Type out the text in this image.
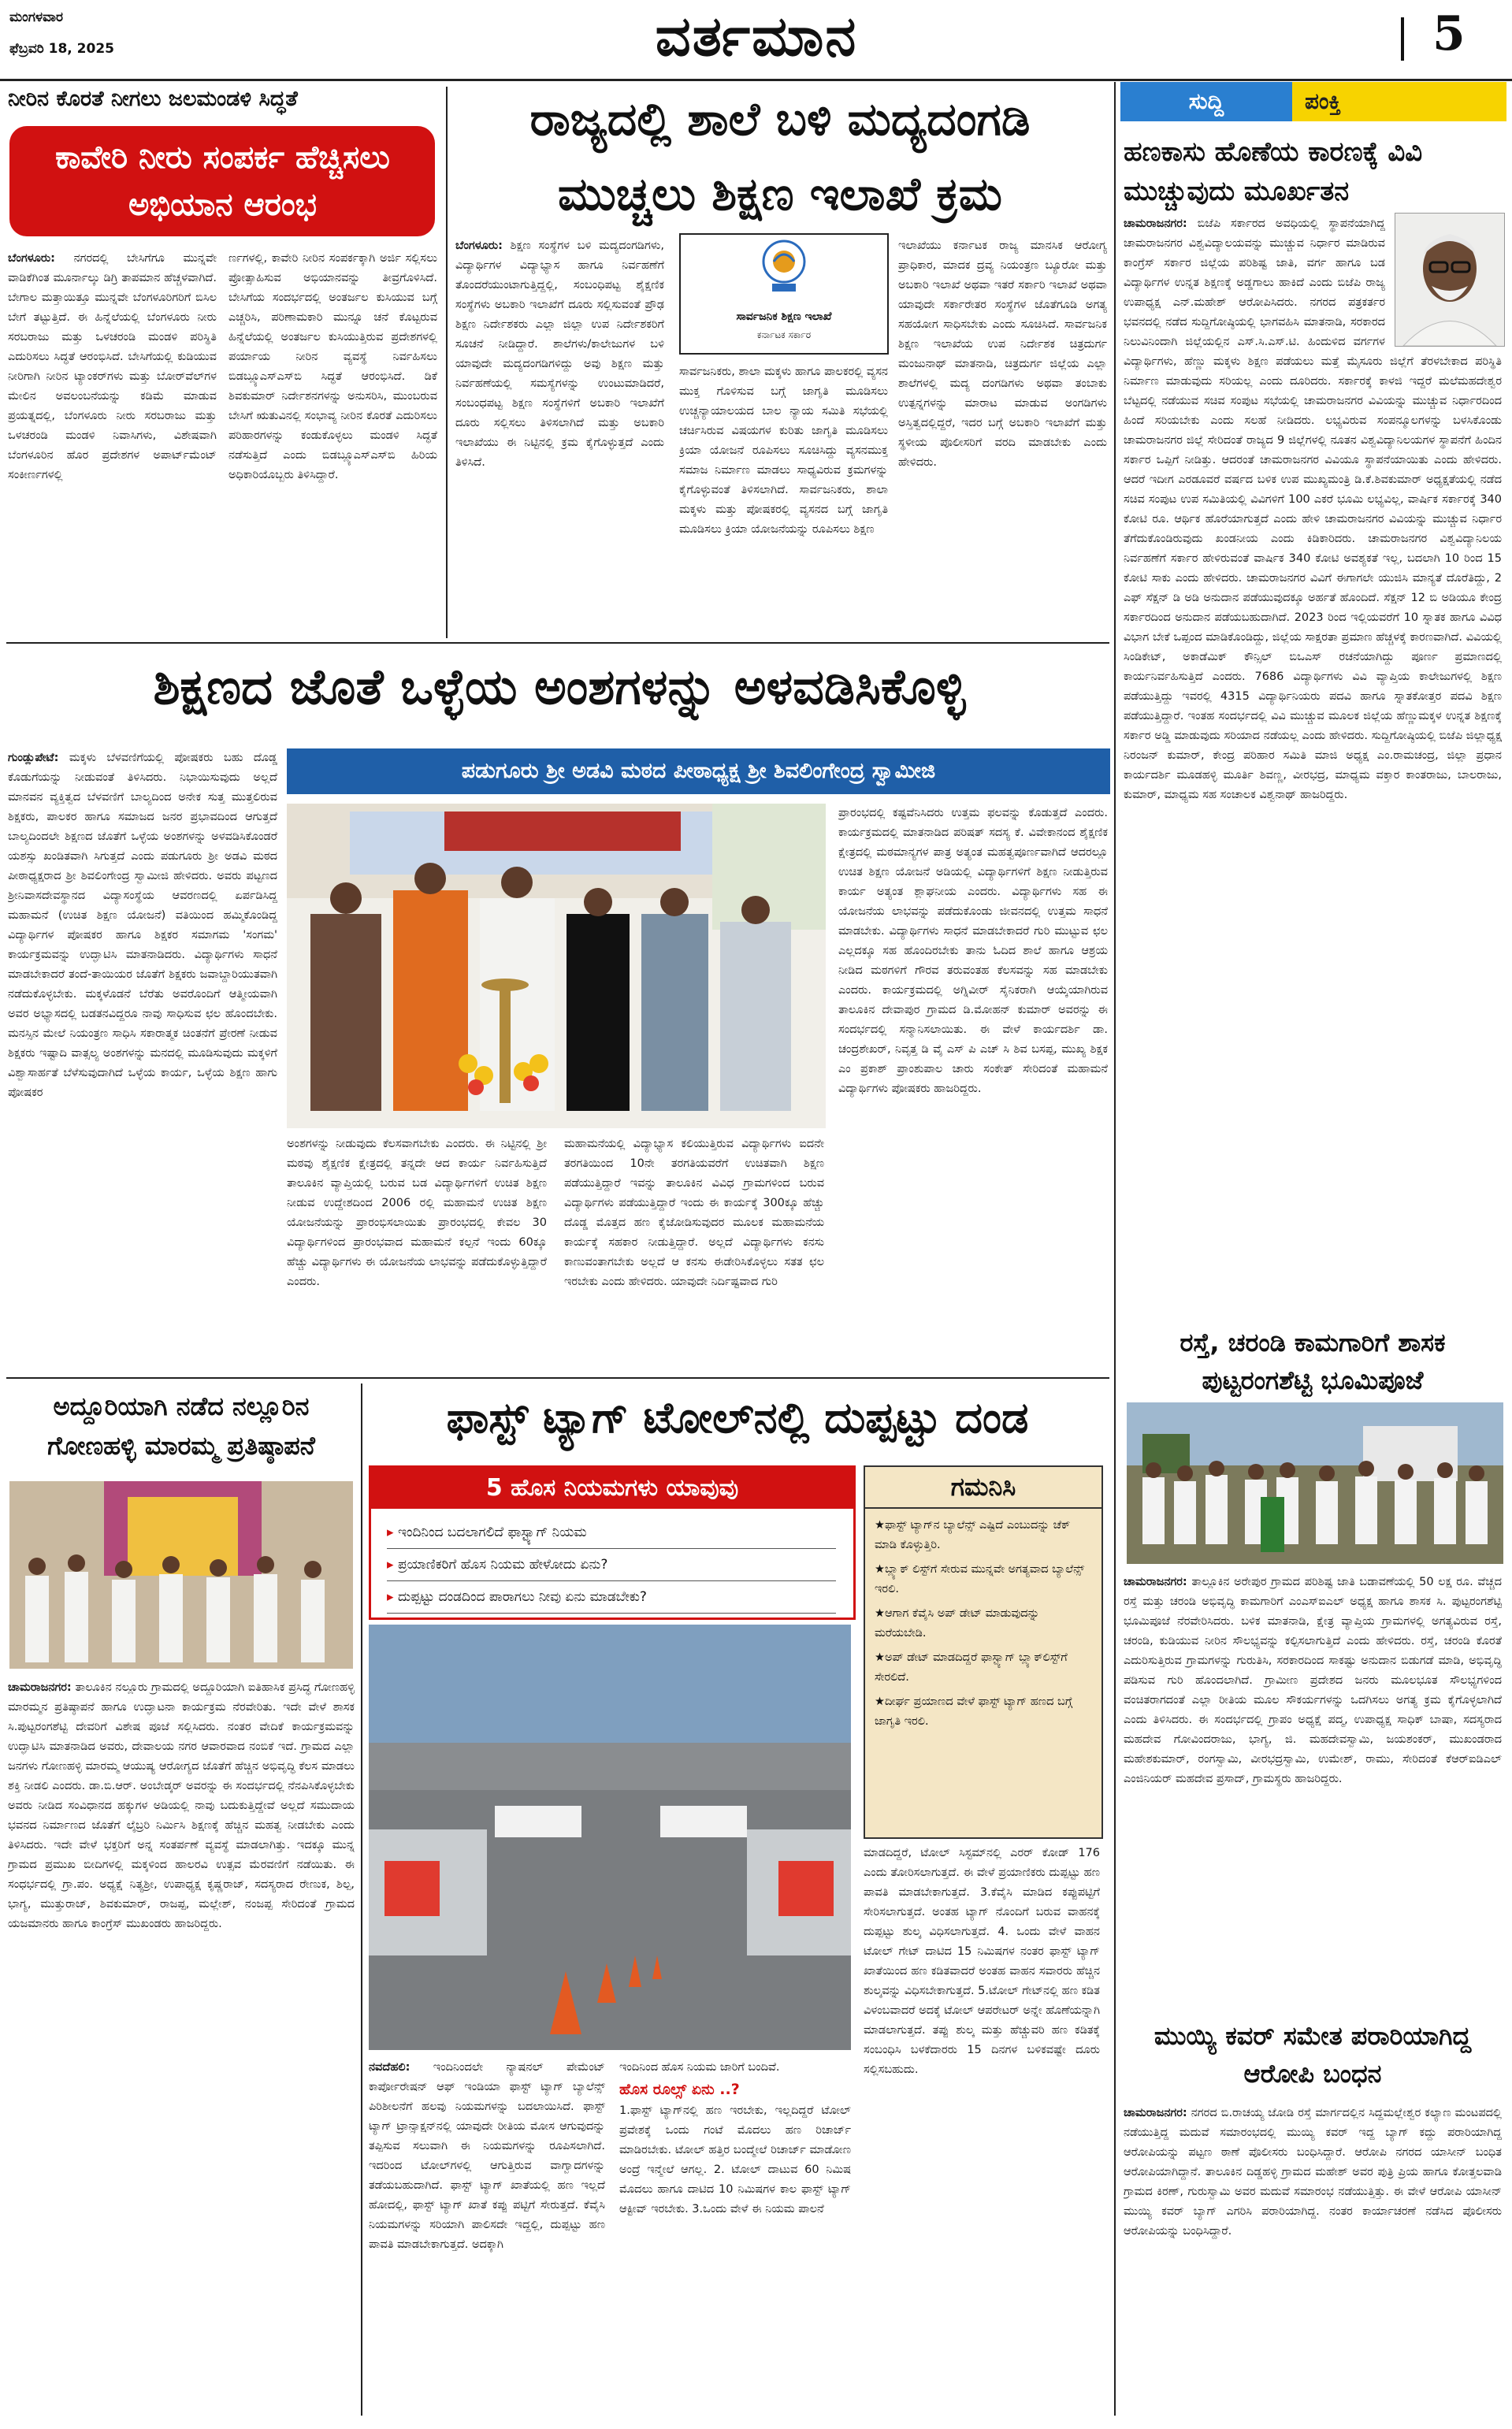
ಮಂಗಳವಾರ
ಫೆಬ್ರವರಿ 18, 2025	ವರ್ತಮಾನ	5
ನೀರಿನ ಕೊರತೆ ನೀಗಲು ಜಲಮಂಡಳಿ ಸಿದ್ಧತೆ
ಕಾವೇರಿ ನೀರು ಸಂಪರ್ಕ ಹೆಚ್ಚಿಸಲು ಅಭಿಯಾನ ಆರಂಭ
ಬೆಂಗಳೂರು: ನಗರದಲ್ಲಿ ಬೇಸಿಗೆಗೂ ಮುನ್ನವೇ ವಾಡಿಕೆಗಿಂತ ಮೂರ್ನಾಲ್ಕು ಡಿಗ್ರಿ ತಾಪಮಾನ ಹೆಚ್ಚಳವಾಗಿದೆ. ಬೇಗಾಲ ಮತ್ತಾಯಿತ್ತೂ ಮುನ್ನವೇ ಬೆಂಗಳೂರಿಗರಿಗೆ ಬಿಸಿಲ ಬೇಗೆ ತಟ್ಟುತ್ತಿದೆ. ಈ ಹಿನ್ನೆಲೆಯಲ್ಲಿ ಬೆಂಗಳೂರು ನೀರು ಸರಬರಾಜು ಮತ್ತು ಒಳಚರಂಡಿ ಮಂಡಳಿ ಪರಿಸ್ಥಿತಿ ಎದುರಿಸಲು ಸಿದ್ಧತೆ ಆರಂಭಿಸಿದೆ. ಬೇಸಿಗೆಯಲ್ಲಿ ಕುಡಿಯುವ ನೀರಿಗಾಗಿ ನೀರಿನ ಟ್ಯಾಂಕರ್‌ಗಳು ಮತ್ತು ಬೋರ್‌ವೆಲ್‌ಗಳ ಮೇಲಿನ ಅವಲಂಬನೆಯನ್ನು ಕಡಿಮೆ ಮಾಡುವ ಪ್ರಯತ್ನದಲ್ಲಿ, ಬೆಂಗಳೂರು ನೀರು ಸರಬರಾಜು ಮತ್ತು ಒಳಚರಂಡಿ ಮಂಡಳಿ ನಿವಾಸಿಗಳು, ವಿಶೇಷವಾಗಿ ಬೆಂಗಳೂರಿನ ಹೊರ ಪ್ರದೇಶಗಳ ಅಪಾರ್ಟ್‌ಮೆಂಟ್ ಸಂಕೀರ್ಣಗಳಲ್ಲಿ
ರ್ಣಗಳಲ್ಲಿ, ಕಾವೇರಿ ನೀರಿನ ಸಂಪರ್ಕಕ್ಕಾಗಿ ಅರ್ಜಿ ಸಲ್ಲಿಸಲು ಪ್ರೋತ್ಸಾಹಿಸುವ ಅಭಿಯಾನವನ್ನು ತೀವ್ರಗೊಳಿಸಿದೆ. ಬೇಸಿಗೆಯ ಸಂದರ್ಭದಲ್ಲಿ ಅಂತರ್ಜಲ ಕುಸಿಯುವ ಬಗ್ಗೆ ಎಚ್ಚರಿಸಿ, ಪರಿಣಾಮಕಾರಿ ಮುನ್ನೂ ಚನೆ ಕೊಟ್ಟರುವ ಹಿನ್ನೆಲೆಯಲ್ಲಿ ಅಂತರ್ಜಲ ಕುಸಿಯುತ್ತಿರುವ ಪ್ರದೇಶಗಳಲ್ಲಿ ಪರ್ಯಾಯ ನೀರಿನ ವ್ಯವಸ್ಥೆ ನಿರ್ವಹಿಸಲು ಬಿಡಬ್ಲ್ಯೂಎಸ್‌ಎಸ್‌ಬಿ ಸಿದ್ಧತೆ ಆರಂಭಿಸಿದೆ. ಡಿಕೆ ಶಿವಕುಮಾರ್ ನಿರ್ದೇಶನಗಳನ್ನು ಅನುಸರಿಸಿ, ಮುಂಬರುವ ಬೇಸಿಗೆ ಋತುವಿನಲ್ಲಿ ಸಂಭಾವ್ಯ ನೀರಿನ ಕೊರತೆ ಎದುರಿಸಲು ಪರಿಹಾರಗಳನ್ನು ಕಂಡುಕೊಳ್ಳಲು ಮಂಡಳಿ ಸಿದ್ಧತೆ ನಡೆಸುತ್ತಿದೆ ಎಂದು ಬಿಡಬ್ಲ್ಯೂಎಸ್‌ಎಸ್‌ಬಿ ಹಿರಿಯ ಅಧಿಕಾರಿಯೊಬ್ಬರು ತಿಳಿಸಿದ್ದಾರೆ.
ರಾಜ್ಯದಲ್ಲಿ ಶಾಲೆ ಬಳಿ ಮದ್ಯದಂಗಡಿ ಮುಚ್ಚಲು ಶಿಕ್ಷಣ ಇಲಾಖೆ ಕ್ರಮ
ಬೆಂಗಳೂರು: ಶಿಕ್ಷಣ ಸಂಸ್ಥೆಗಳ ಬಳಿ ಮದ್ಯದಂಗಡಿಗಳು, ವಿದ್ಯಾರ್ಥಿಗಳ ವಿದ್ಯಾಭ್ಯಾಸ ಹಾಗೂ ನಿರ್ವಹಣೆಗೆ ತೊಂದರೆಯುಂಟಾಗುತ್ತಿದ್ದಲ್ಲಿ, ಸಂಬಂಧಿಪಟ್ಟ ಶೈಕ್ಷಣಿಕ ಸಂಸ್ಥೆಗಳು ಅಬಕಾರಿ ಇಲಾಖೆಗೆ ದೂರು ಸಲ್ಲಿಸುವಂತೆ ಪ್ರೌಢ ಶಿಕ್ಷಣ ನಿರ್ದೇಶಕರು ಎಲ್ಲಾ ಜಿಲ್ಲಾ ಉಪ ನಿರ್ದೇಶಕರಿಗೆ ಸೂಚನೆ ನೀಡಿದ್ದಾರೆ. ಶಾಲೆಗಳು/ಕಾಲೇಜುಗಳ ಬಳಿ ಯಾವುದೇ ಮದ್ಯದಂಗಡಿಗಳಿದ್ದು ಅವು ಶಿಕ್ಷಣ ಮತ್ತು ನಿರ್ವಹಣೆಯಲ್ಲಿ ಸಮಸ್ಯೆಗಳನ್ನು ಉಂಟುಮಾಡಿದರೆ, ಸಂಬಂಧಪಟ್ಟ ಶಿಕ್ಷಣ ಸಂಸ್ಥೆಗಳಿಗೆ ಅಬಕಾರಿ ಇಲಾಖೆಗೆ ದೂರು ಸಲ್ಲಿಸಲು ತಿಳಿಸಲಾಗಿದೆ ಮತ್ತು ಅಬಕಾರಿ ಇಲಾಖೆಯು ಈ ನಿಟ್ಟಿನಲ್ಲಿ ಕ್ರಮ ಕೈಗೊಳ್ಳುತ್ತದೆ ಎಂದು ತಿಳಿಸಿದೆ.
ಸಾರ್ವಜನಿಕ ಶಿಕ್ಷಣ ಇಲಾಖೆ
ಕರ್ನಾಟಕ ಸರ್ಕಾರ
ಸಾರ್ವಜನಿಕರು, ಶಾಲಾ ಮಕ್ಕಳು ಹಾಗೂ ಪಾಲಕರಲ್ಲಿ ವ್ಯಸನ ಮುಕ್ತ ಗೊಳಿಸುವ ಬಗ್ಗೆ ಜಾಗೃತಿ ಮೂಡಿಸಲು ಉಚ್ಚನ್ಯಾಯಾಲಯದ ಬಾಲ ನ್ಯಾಯ ಸಮಿತಿ ಸಭೆಯಲ್ಲಿ ಚರ್ಚಿಸಿರುವ ವಿಷಯಗಳ ಕುರಿತು ಜಾಗೃತಿ ಮೂಡಿಸಲು ಕ್ರಿಯಾ ಯೋಜನೆ ರೂಪಿಸಲು ಸೂಚಿಸಿದ್ದು ವ್ಯಸನಮುಕ್ತ ಸಮಾಜ ನಿರ್ಮಾಣ ಮಾಡಲು ಸಾಧ್ಯವಿರುವ ಕ್ರಮಗಳನ್ನು ಕೈಗೊಳ್ಳುವಂತೆ ತಿಳಿಸಲಾಗಿದೆ. ಸಾರ್ವಜನಿಕರು, ಶಾಲಾ ಮಕ್ಕಳು ಮತ್ತು ಪೋಷಕರಲ್ಲಿ ವ್ಯಸನದ ಬಗ್ಗೆ ಜಾಗೃತಿ ಮೂಡಿಸಲು ಕ್ರಿಯಾ ಯೋಜನೆಯನ್ನು ರೂಪಿಸಲು ಶಿಕ್ಷಣ
ಇಲಾಖೆಯು ಕರ್ನಾಟಕ ರಾಜ್ಯ ಮಾನಸಿಕ ಆರೋಗ್ಯ ಪ್ರಾಧಿಕಾರ, ಮಾದಕ ದ್ರವ್ಯ ನಿಯಂತ್ರಣ ಬ್ಯೂರೋ ಮತ್ತು ಅಬಕಾರಿ ಇಲಾಖೆ ಅಥವಾ ಇತರೆ ಸರ್ಕಾರಿ ಇಲಾಖೆ ಅಥವಾ ಯಾವುದೇ ಸರ್ಕಾರೇತರ ಸಂಸ್ಥೆಗಳ ಜೊತೆಗೂಡಿ ಅಗತ್ಯ ಸಹಯೋಗ ಸಾಧಿಸಬೇಕು ಎಂದು ಸೂಚಿಸಿದೆ. ಸಾರ್ವಜನಿಕ ಶಿಕ್ಷಣ ಇಲಾಖೆಯ ಉಪ ನಿರ್ದೇಶಕ ಚಿತ್ರದುರ್ಗ ಮಂಜುನಾಥ್ ಮಾತನಾಡಿ, ಚಿತ್ರದುರ್ಗ ಜಿಲ್ಲೆಯ ಎಲ್ಲಾ ಶಾಲೆಗಳಲ್ಲಿ ಮದ್ಯ ದಂಗಡಿಗಳು ಅಥವಾ ತಂಬಾಕು ಉತ್ಪನ್ನಗಳನ್ನು ಮಾರಾಟ ಮಾಡುವ ಅಂಗಡಿಗಳು ಅಸ್ತಿತ್ವದಲ್ಲಿದ್ದರೆ, ಇದರ ಬಗ್ಗೆ ಅಬಕಾರಿ ಇಲಾಖೆಗೆ ಮತ್ತು ಸ್ಥಳೀಯ ಪೊಲೀಸರಿಗೆ ವರದಿ ಮಾಡಬೇಕು ಎಂದು ಹೇಳಿದರು.
ಸುದ್ದಿ	ಪಂಕ್ತಿ
ಹಣಕಾಸು ಹೊಣೆಯ ಕಾರಣಕ್ಕೆ ವಿವಿ ಮುಚ್ಚುವುದು ಮೂರ್ಖತನ
ಚಾಮರಾಜನಗರ: ಬಿಜೆಪಿ ಸರ್ಕಾರದ ಅವಧಿಯಲ್ಲಿ ಸ್ಥಾಪನೆಯಾಗಿದ್ದ ಚಾಮರಾಜನಗರ ವಿಶ್ವವಿದ್ಯಾಲಯವನ್ನು ಮುಚ್ಚುವ ನಿರ್ಧಾರ ಮಾಡಿರುವ ಕಾಂಗ್ರೆಸ್ ಸರ್ಕಾರ ಜಿಲ್ಲೆಯ ಪರಿಶಿಷ್ಟ ಜಾತಿ, ವರ್ಗ ಹಾಗೂ ಬಡ ವಿದ್ಯಾರ್ಥಿಗಳ ಉನ್ನತ ಶಿಕ್ಷಣಕ್ಕೆ ಅಡ್ಡಗಾಲು ಹಾಕಿದೆ ಎಂದು ಬಿಜೆಪಿ ರಾಜ್ಯ ಉಪಾಧ್ಯಕ್ಷ ಎನ್.ಮಹೇಶ್ ಆರೋಪಿಸಿದರು. ನಗರದ ಪತ್ರಕರ್ತರ ಭವನದಲ್ಲಿ ನಡೆದ ಸುದ್ದಿಗೋಷ್ಠಿಯಲ್ಲಿ ಭಾಗವಹಿಸಿ ಮಾತನಾಡಿ, ಸರಕಾರದ ನಿಲುವಿನಿಂದಾಗಿ ಜಿಲ್ಲೆಯಲ್ಲಿನ ಎಸ್.ಸಿ.ಎಸ್.ಟಿ. ಹಿಂದುಳಿದ ವರ್ಗಗಳ ವಿದ್ಯಾರ್ಥಿಗಳು, ಹೆಣ್ಣು ಮಕ್ಕಳು ಶಿಕ್ಷಣ ಪಡೆಯಲು ಮತ್ತೆ ಮೈಸೂರು ಜಿಲ್ಲೆಗೆ ತೆರಳಬೇಕಾದ ಪರಿಸ್ಥಿತಿ ನಿರ್ಮಾಣ ಮಾಡುವುದು ಸರಿಯಲ್ಲ ಎಂದು ದೂರಿದರು. ಸರ್ಕಾರಕ್ಕೆ ಕಾಳಜಿ ಇದ್ದರೆ ಮಲೆಮಹದೇಶ್ವರ ಬೆಟ್ಟದಲ್ಲಿ ನಡೆಯುವ ಸಚಿವ ಸಂಪುಟ ಸಭೆಯಲ್ಲಿ ಚಾಮರಾಜನಗರ ವಿವಿಯನ್ನು ಮುಚ್ಚುವ ನಿರ್ಧಾರದಿಂದ ಹಿಂದೆ ಸರಿಯಬೇಕು ಎಂದು ಸಲಹೆ ನೀಡಿದರು. ಲಭ್ಯವಿರುವ ಸಂಪನ್ಮೂಲಗಳನ್ನು ಬಳಸಿಕೊಂಡು ಚಾಮರಾಜನಗರ ಜಿಲ್ಲೆ ಸೇರಿದಂತೆ ರಾಜ್ಯದ 9 ಜಿಲ್ಲೆಗಳಲ್ಲಿ ನೂತನ ವಿಶ್ವವಿದ್ಯಾನಿಲಯಗಳ ಸ್ಥಾಪನೆಗೆ ಹಿಂದಿನ ಸರ್ಕಾರ ಒಪ್ಪಿಗೆ ನೀಡಿತ್ತು. ಆದರಂತೆ ಚಾಮರಾಜನಗರ ವಿವಿಯೂ ಸ್ಥಾಪನೆಯಾಯಿತು ಎಂದು ಹೇಳಿದರು. ಆದರೆ ಇದೀಗ ಎರಡೂವರೆ ವರ್ಷದ ಬಳಿಕ ಉಪ ಮುಖ್ಯಮಂತ್ರಿ ಡಿ.ಕೆ.ಶಿವಕುಮಾರ್ ಅಧ್ಯಕ್ಷತೆಯಲ್ಲಿ ನಡೆದ ಸಚಿವ ಸಂಪುಟ ಉಪ ಸಮಿತಿಯಲ್ಲಿ ವಿವಿಗಳಿಗೆ 100 ಎಕರೆ ಭೂಮಿ ಲಭ್ಯವಿಲ್ಲ, ವಾರ್ಷಿಕ ಸರ್ಕಾರಕ್ಕೆ 340 ಕೋಟಿ ರೂ. ಆರ್ಥಿಕ ಹೊರೆಯಾಗುತ್ತದೆ ಎಂದು ಹೇಳಿ ಚಾಮರಾಜನಗರ ವಿವಿಯನ್ನು ಮುಚ್ಚುವ ನಿರ್ಧಾರ ತೆಗೆದುಕೊಂಡಿರುವುದು ಖಂಡನೀಯ ಎಂದು ಕಿಡಿಕಾರಿದರು. ಚಾಮರಾಜನಗರ ವಿಶ್ವವಿದ್ಯಾನಿಲಯ ನಿರ್ವಹಣೆಗೆ ಸರ್ಕಾರ ಹೇಳಿರುವಂತೆ ವಾರ್ಷಿಕ 340 ಕೋಟಿ ಅವಶ್ಯಕತೆ ಇಲ್ಲ, ಬದಲಾಗಿ 10 ರಿಂದ 15 ಕೋಟಿ ಸಾಕು ಎಂದು ಹೇಳಿದರು. ಚಾಮರಾಜನಗರ ವಿವಿಗೆ ಈಗಾಗಲೇ ಯುಜಿಸಿ ಮಾನ್ಯತೆ ದೊರೆತಿದ್ದು, 2 ಎಫ್ ಸೆಕ್ಷನ್ ಡಿ ಅಡಿ ಅನುದಾನ ಪಡೆಯುವುದಕ್ಕೂ ಅರ್ಹತೆ ಹೊಂದಿದೆ. ಸೆಕ್ಷನ್ 12 ಬಿ ಅಡಿಯೂ ಕೇಂದ್ರ ಸರ್ಕಾರದಿಂದ ಅನುದಾನ ಪಡೆಯಬಹುದಾಗಿದೆ. 2023 ರಿಂದ ಇಲ್ಲಿಯವರೆಗೆ 10 ಸ್ನಾತಕ ಹಾಗೂ ವಿವಿಧ ವಿಭಾಗ ಬೇಕೆ ಒಪ್ಪಂದ ಮಾಡಿಕೊಂಡಿದ್ದು, ಜಿಲ್ಲೆಯ ಸಾಕ್ಷರತಾ ಪ್ರಮಾಣ ಹೆಚ್ಚಳಕ್ಕೆ ಕಾರಣವಾಗಿದೆ. ವಿವಿಯಲ್ಲಿ ಸಿಂಡಿಕೇಟ್, ಅಕಾಡೆಮಿಕ್ ಕೌನ್ಸಿಲ್ ಬಿಒಎಸ್ ರಚನೆಯಾಗಿದ್ದು ಪೂರ್ಣ ಪ್ರಮಾಣದಲ್ಲಿ ಕಾರ್ಯನಿರ್ವಹಿಸುತ್ತಿದೆ ಎಂದರು. 7686 ವಿದ್ಯಾರ್ಥಿಗಳು ವಿವಿ ವ್ಯಾಪ್ತಿಯ ಕಾಲೇಜುಗಳಲ್ಲಿ ಶಿಕ್ಷಣ ಪಡೆಯುತ್ತಿದ್ದು ಇವರಲ್ಲಿ 4315 ವಿದ್ಯಾರ್ಥಿನಿಯರು ಪದವಿ ಹಾಗೂ ಸ್ನಾತಕೋತ್ತರ ಪದವಿ ಶಿಕ್ಷಣ ಪಡೆಯುತ್ತಿದ್ದಾರೆ. ಇಂತಹ ಸಂದರ್ಭದಲ್ಲಿ ವಿವಿ ಮುಚ್ಚುವ ಮೂಲಕ ಜಿಲ್ಲೆಯ ಹೆಣ್ಣುಮಕ್ಕಳ ಉನ್ನತ ಶಿಕ್ಷಣಕ್ಕೆ ಸರ್ಕಾರ ಅಡ್ಡಿ ಮಾಡುವುದು ಸರಿಯಾದ ನಡೆಯಲ್ಲ ಎಂದು ಹೇಳಿದರು. ಸುದ್ದಿಗೋಷ್ಠಿಯಲ್ಲಿ ಬಿಜೆಪಿ ಜಿಲ್ಲಾಧ್ಯಕ್ಷ ನಿರಂಜನ್ ಕುಮಾರ್, ಕೇಂದ್ರ ಪರಿಹಾರ ಸಮಿತಿ ಮಾಜಿ ಅಧ್ಯಕ್ಷ ಎಂ.ರಾಮಚಂದ್ರ, ಜಿಲ್ಲಾ ಪ್ರಧಾನ ಕಾರ್ಯದರ್ಶಿ ಮೂಡಹಳ್ಳಿ ಮೂರ್ತಿ ಶಿವಣ್ಣ, ವೀರಭದ್ರ, ಮಾಧ್ಯಮ ವಕ್ತಾರ ಕಾಂತರಾಜು, ಬಾಲರಾಜು, ಕುಮಾರ್, ಮಾಧ್ಯಮ ಸಹ ಸಂಚಾಲಕ ವಿಶ್ವನಾಥ್ ಹಾಜರಿದ್ದರು.
ರಸ್ತೆ, ಚರಂಡಿ ಕಾಮಗಾರಿಗೆ ಶಾಸಕ ಪುಟ್ಟರಂಗಶೆಟ್ಟಿ ಭೂಮಿಪೂಜೆ
ಚಾಮರಾಜನಗರ: ತಾಲ್ಲೂಕಿನ ಅರೇಪುರ ಗ್ರಾಮದ ಪರಿಶಿಷ್ಟ ಜಾತಿ ಬಡಾವಣೆಯಲ್ಲಿ 50 ಲಕ್ಷ ರೂ. ವೆಚ್ಚದ ರಸ್ತೆ ಮತ್ತು ಚರಂಡಿ ಅಭಿವೃದ್ಧಿ ಕಾಮಗಾರಿಗೆ ಎಂಎಸ್‌ಐಎಲ್ ಅಧ್ಯಕ್ಷ ಹಾಗೂ ಶಾಸಕ ಸಿ. ಪುಟ್ಟರಂಗಶೆಟ್ಟಿ ಭೂಮಿಪೂಜೆ ನೆರವೇರಿಸಿದರು. ಬಳಿಕ ಮಾತನಾಡಿ, ಕ್ಷೇತ್ರ ವ್ಯಾಪ್ತಿಯ ಗ್ರಾಮಗಳಲ್ಲಿ ಅಗತ್ಯವಿರುವ ರಸ್ತೆ, ಚರಂಡಿ, ಕುಡಿಯುವ ನೀರಿನ ಸೌಲಭ್ಯವನ್ನು ಕಲ್ಪಿಸಲಾಗುತ್ತಿದೆ ಎಂದು ಹೇಳಿದರು. ರಸ್ತೆ, ಚರಂಡಿ ಕೊರತೆ ಎದುರಿಸುತ್ತಿರುವ ಗ್ರಾಮಗಳನ್ನು ಗುರುತಿಸಿ, ಸರಕಾರದಿಂದ ಸಾಕಷ್ಟು ಅನುದಾನ ಬಿಡುಗಡೆ ಮಾಡಿ, ಅಭಿವೃದ್ಧಿ ಪಡಿಸುವ ಗುರಿ ಹೊಂದಲಾಗಿದೆ. ಗ್ರಾಮೀಣ ಪ್ರದೇಶದ ಜನರು ಮೂಲಭೂತ ಸೌಲಭ್ಯಗಳಿಂದ ವಂಚಿತರಾಗದಂತೆ ಎಲ್ಲಾ ರೀತಿಯ ಮೂಲ ಸೌಕರ್ಯಗಳನ್ನು ಒದಗಿಸಲು ಅಗತ್ಯ ಕ್ರಮ ಕೈಗೊಳ್ಳಲಾಗಿದೆ ಎಂದು ತಿಳಿಸಿದರು. ಈ ಸಂದರ್ಭದಲ್ಲಿ ಗ್ರಾಪಂ ಅಧ್ಯಕ್ಷೆ ಪದ್ಮ, ಉಪಾಧ್ಯಕ್ಷ ಸಾಧಿಕ್ ಬಾಷಾ, ಸದಸ್ಯರಾದ ಮಹದೇವ ಗೋವಿಂದರಾಜು, ಭಾಗ್ಯ, ಜಿ. ಮಹದೇವಸ್ವಾಮಿ, ಜಯಶಂಕರ್, ಮುಖಂಡರಾದ ಮಹೇಶಕುಮಾರ್, ರಂಗಸ್ವಾಮಿ, ವೀರಭದ್ರಸ್ವಾಮಿ, ಉಮೇಶ್, ರಾಮು, ಸೇರಿದಂತೆ ಕೆಆರ್‌ಐಡಿಎಲ್ ಎಂಜಿನಿಯರ್ ಮಹದೇವ ಪ್ರಸಾದ್, ಗ್ರಾಮಸ್ಥರು ಹಾಜರಿದ್ದರು.
ಮುಯ್ಯಿ ಕವರ್ ಸಮೇತ ಪರಾರಿಯಾಗಿದ್ದ ಆರೋಪಿ ಬಂಧನ
ಚಾಮರಾಜನಗರ: ನಗರದ ಬಿ.ರಾಚಯ್ಯ ಜೋಡಿ ರಸ್ತೆ ಮಾರ್ಗದಲ್ಲಿನ ಸಿದ್ದಮಲ್ಲೇಶ್ವರ ಕಲ್ಯಾಣ ಮಂಟಪದಲ್ಲಿ ನಡೆಯುತ್ತಿದ್ದ ಮದುವೆ ಸಮಾರಂಭದಲ್ಲಿ ಮುಯ್ಯಿ ಕವರ್ ಇದ್ದ ಬ್ಯಾಗ್ ಕದ್ದು ಪರಾರಿಯಾಗಿದ್ದ ಆರೋಪಿಯನ್ನು ಪಟ್ಟಣ ಠಾಣೆ ಪೊಲೀಸರು ಬಂಧಿಸಿದ್ದಾರೆ. ಆರೋಪಿ ನಗರದ ಯಾಸೀನ್ ಬಂಧಿತ ಆರೋಪಿಯಾಗಿದ್ದಾನೆ. ತಾಲೂಕಿನ ದಿಡ್ಡಹಳ್ಳಿ ಗ್ರಾಮದ ಮಹೇಶ್ ಅವರ ಪುತ್ರಿ ಪ್ರಿಯ ಹಾಗೂ ಕೋತ್ತಲವಾಡಿ ಗ್ರಾಮದ ಕಿರಣ್, ಗುರುಸ್ವಾಮಿ ಅವರ ಮದುವೆ ಸಮಾರಂಭ ನಡೆಯುತ್ತಿತ್ತು. ಈ ವೇಳೆ ಆರೋಪಿ ಯಾಸೀನ್ ಮುಯ್ಯಿ ಕವರ್ ಬ್ಯಾಗ್ ಎಗರಿಸಿ ಪರಾರಿಯಾಗಿದ್ದ. ನಂತರ ಕಾರ್ಯಾಚರಣೆ ನಡೆಸಿದ ಪೊಲೀಸರು ಆರೋಪಿಯನ್ನು ಬಂಧಿಸಿದ್ದಾರೆ.
ಶಿಕ್ಷಣದ ಜೊತೆ ಒಳ್ಳೆಯ ಅಂಶಗಳನ್ನು ಅಳವಡಿಸಿಕೊಳ್ಳಿ
ಪಡುಗೂರು ಶ್ರೀ ಅಡವಿ ಮಠದ ಪೀಠಾಧ್ಯಕ್ಷ ಶ್ರೀ ಶಿವಲಿಂಗೇಂದ್ರ ಸ್ವಾಮೀಜಿ
ಗುಂಡ್ಲುಪೇಟೆ: ಮಕ್ಕಳು ಬೆಳವಣಿಗೆಯಲ್ಲಿ ಪೋಷಕರು ಬಹು ದೊಡ್ಡ ಕೊಡುಗೆಯನ್ನು ನೀಡುವಂತೆ ತಿಳಿಸಿದರು. ನಿಭಾಯಿಸುವುದು ಅಲ್ಲದೆ ಮಾನವನ ವ್ಯಕ್ತಿತ್ವದ ಬೆಳವಣಿಗೆ ಬಾಲ್ಯದಿಂದ ಅನೇಕ ಸುತ್ತ ಮುತ್ತಲಿರುವ ಶಿಕ್ಷಕರು, ಪಾಲಕರ ಹಾಗೂ ಸಮಾಜದ ಜನರ ಪ್ರಭಾವದಿಂದ ಆಗುತ್ತದೆ ಬಾಲ್ಯದಿಂದಲೇ ಶಿಕ್ಷಣದ ಜೊತೆಗೆ ಒಳ್ಳೆಯ ಅಂಶಗಳನ್ನು ಅಳವಡಿಸಿಕೊಂಡರೆ ಯಶಸ್ಸು ಖಂಡಿತವಾಗಿ ಸಿಗುತ್ತದೆ ಎಂದು ಪಡುಗೂರು ಶ್ರೀ ಅಡವಿ ಮಠದ ಪೀಠಾಧ್ಯಕ್ಷರಾದ ಶ್ರೀ ಶಿವಲಿಂಗೇಂದ್ರ ಸ್ವಾಮೀಜಿ ಹೇಳಿದರು. ಅವರು ಪಟ್ಟಣದ ಶ್ರೀನಿವಾಸದೇವಸ್ಥಾನದ ವಿದ್ಯಾಸಂಸ್ಥೆಯ ಆವರಣದಲ್ಲಿ ಏರ್ಪಡಿಸಿದ್ದ ಮಹಾಮನೆ (ಉಚಿತ ಶಿಕ್ಷಣ ಯೋಜನೆ) ವತಿಯಿಂದ ಹಮ್ಮಿಕೊಂಡಿದ್ದ ವಿದ್ಯಾರ್ಥಿಗಳ ಪೋಷಕರ ಹಾಗೂ ಶಿಕ್ಷಕರ ಸಮಾಗಮ 'ಸಂಗಮ' ಕಾರ್ಯಕ್ರಮವನ್ನು ಉದ್ಘಾಟಿಸಿ ಮಾತನಾಡಿದರು. ವಿದ್ಯಾರ್ಥಿಗಳು ಸಾಧನೆ ಮಾಡಬೇಕಾದರೆ ತಂದೆ-ತಾಯಿಯರ ಜೊತೆಗೆ ಶಿಕ್ಷಕರು ಜವಾಬ್ದಾರಿಯುತವಾಗಿ ನಡೆದುಕೊಳ್ಳಬೇಕು. ಮಕ್ಕಳೊಡನೆ ಬೆರೆತು ಅವರೊಂದಿಗೆ ಆತ್ಮೀಯವಾಗಿ ಅವರ ಅಭ್ಯಾಸದಲ್ಲಿ ಬಡತನವಿದ್ದರೂ ನಾವು ಸಾಧಿಸುವ ಛಲ ಹೊಂದಬೇಕು. ಮನಸ್ಸಿನ ಮೇಲೆ ನಿಯಂತ್ರಣ ಸಾಧಿಸಿ ಸಕಾರಾತ್ಮಕ ಚಿಂತನೆಗೆ ಪ್ರೇರಣೆ ನೀಡುವ ಶಿಕ್ಷಕರು ಇಷ್ಟಾದಿ ವಾತ್ಸಲ್ಯ ಅಂಶಗಳನ್ನು ಮನದಲ್ಲಿ ಮೂಡಿಸುವುದು ಮಕ್ಕಳಿಗೆ ವಿಶ್ವಾಸಾರ್ಹತೆ ಬೆಳೆಸುವುದಾಗಿದೆ ಒಳ್ಳೆಯ ಕಾರ್ಯ, ಒಳ್ಳೆಯ ಶಿಕ್ಷಣ ಹಾಗು ಪೋಷಕರ
ಅಂಶಗಳನ್ನು ನೀಡುವುದು ಕೆಲಸವಾಗಬೇಕು ಎಂದರು. ಈ ನಿಟ್ಟಿನಲ್ಲಿ ಶ್ರೀ ಮಠವು ಶೈಕ್ಷಣಿಕ ಕ್ಷೇತ್ರದಲ್ಲಿ ತನ್ನದೇ ಆದ ಕಾರ್ಯ ನಿರ್ವಹಿಸುತ್ತಿದೆ ತಾಲೂಕಿನ ವ್ಯಾಪ್ತಿಯಲ್ಲಿ ಬರುವ ಬಡ ವಿದ್ಯಾರ್ಥಿಗಳಿಗೆ ಉಚಿತ ಶಿಕ್ಷಣ ನೀಡುವ ಉದ್ದೇಶದಿಂದ 2006 ರಲ್ಲಿ ಮಹಾಮನೆ ಉಚಿತ ಶಿಕ್ಷಣ ಯೋಜನೆಯನ್ನು ಪ್ರಾರಂಭಿಸಲಾಯಿತು ಪ್ರಾರಂಭದಲ್ಲಿ ಕೇವಲ 30 ವಿದ್ಯಾರ್ಥಿಗಳಿಂದ ಪ್ರಾರಂಭವಾದ ಮಹಾಮನೆ ಕಲ್ಪನೆ ಇಂದು 60ಕ್ಕೂ ಹೆಚ್ಚು ವಿದ್ಯಾರ್ಥಿಗಳು ಈ ಯೋಜನೆಯ ಲಾಭವನ್ನು ಪಡೆದುಕೊಳ್ಳುತ್ತಿದ್ದಾರೆ ಎಂದರು.
ಮಹಾಮನೆಯಲ್ಲಿ ವಿದ್ಯಾಭ್ಯಾಸ ಕಲಿಯುತ್ತಿರುವ ವಿದ್ಯಾರ್ಥಿಗಳು ಐದನೇ ತರಗತಿಯಿಂದ 10ನೇ ತರಗತಿಯವರೆಗೆ ಉಚಿತವಾಗಿ ಶಿಕ್ಷಣ ಪಡೆಯುತ್ತಿದ್ದಾರೆ ಇವನ್ನು ತಾಲೂಕಿನ ವಿವಿಧ ಗ್ರಾಮಗಳಿಂದ ಬರುವ ವಿದ್ಯಾರ್ಥಿಗಳು ಪಡೆಯುತ್ತಿದ್ದಾರೆ ಇಂದು ಈ ಕಾರ್ಯಕ್ಕೆ 300ಕ್ಕೂ ಹೆಚ್ಚು ದೊಡ್ಡ ಮೊತ್ತದ ಹಣ ಕೈಜೋಡಿಸುವುದರ ಮೂಲಕ ಮಹಾಮನೆಯ ಕಾರ್ಯಕ್ಕೆ ಸಹಕಾರ ನೀಡುತ್ತಿದ್ದಾರೆ. ಅಲ್ಲದೆ ವಿದ್ಯಾರ್ಥಿಗಳು ಕನಸು ಕಾಣುವಂತಾಗಬೇಕು ಅಲ್ಲದೆ ಆ ಕನಸು ಈಡೇರಿಸಿಕೊಳ್ಳಲು ಸತತ ಛಲ ಇರಬೇಕು ಎಂದು ಹೇಳಿದರು. ಯಾವುದೇ ನಿರ್ದಿಷ್ಟವಾದ ಗುರಿ
ಪ್ರಾರಂಭದಲ್ಲಿ ಕಷ್ಟವೆನಿಸಿದರು ಉತ್ತಮ ಫಲವನ್ನು ಕೊಡುತ್ತದೆ ಎಂದರು. ಕಾರ್ಯಕ್ರಮದಲ್ಲಿ ಮಾತನಾಡಿದ ಪರಿಷತ್ ಸದಸ್ಯ ಕೆ. ವಿವೇಕಾನಂದ ಶೈಕ್ಷಣಿಕ ಕ್ಷೇತ್ರದಲ್ಲಿ ಮಠಮಾನ್ಯಗಳ ಪಾತ್ರ ಅತ್ಯಂತ ಮಹತ್ವಪೂರ್ಣವಾಗಿದೆ ಆದರಲ್ಲೂ ಉಚಿತ ಶಿಕ್ಷಣ ಯೋಜನೆ ಅಡಿಯಲ್ಲಿ ವಿದ್ಯಾರ್ಥಿಗಳಿಗೆ ಶಿಕ್ಷಣ ನೀಡುತ್ತಿರುವ ಕಾರ್ಯ ಅತ್ಯಂತ ಶ್ಲಾಘನೀಯ ಎಂದರು. ವಿದ್ಯಾರ್ಥಿಗಳು ಸಹ ಈ ಯೋಜನೆಯ ಲಾಭವನ್ನು ಪಡೆದುಕೊಂಡು ಜೀವನದಲ್ಲಿ ಉತ್ತಮ ಸಾಧನೆ ಮಾಡಬೇಕು. ವಿದ್ಯಾರ್ಥಿಗಳು ಸಾಧನೆ ಮಾಡಬೇಕಾದರೆ ಗುರಿ ಮುಟ್ಟುವ ಛಲ ಎಲ್ಲದಕ್ಕೂ ಸಹ ಹೊಂದಿರಬೇಕು ತಾನು ಓದಿದ ಶಾಲೆ ಹಾಗೂ ಆಶ್ರಯ ನೀಡಿದ ಮಠಗಳಿಗೆ ಗೌರವ ತರುವಂತಹ ಕೆಲಸವನ್ನು ಸಹ ಮಾಡಬೇಕು ಎಂದರು. ಕಾರ್ಯಕ್ರಮದಲ್ಲಿ ಅಗ್ನಿವೀರ್ ಸೈನಿಕರಾಗಿ ಆಯ್ಕೆಯಾಗಿರುವ ತಾಲೂಕಿನ ದೇವಾಪುರ ಗ್ರಾಮದ ಡಿ.ಮೋಹನ್ ಕುಮಾರ್ ಅವರನ್ನು ಈ ಸಂದರ್ಭದಲ್ಲಿ ಸನ್ಮಾನಿಸಲಾಯಿತು. ಈ ವೇಳೆ ಕಾರ್ಯದರ್ಶಿ ಡಾ. ಚಂದ್ರಶೇಖರ್, ನಿವೃತ್ತ ಡಿ ವೈ ಎಸ್ ಪಿ ಎಚ್ ಸಿ ಶಿವ ಬಸಪ್ಪ, ಮುಖ್ಯ ಶಿಕ್ಷಕ ಎಂ ಪ್ರಕಾಶ್ ಪ್ರಾಂಶುಪಾಲ ಚಾರು ಸಂಕೇತ್ ಸೇರಿದಂತೆ ಮಹಾಮನೆ ವಿದ್ಯಾರ್ಥಿಗಳು ಪೋಷಕರು ಹಾಜರಿದ್ದರು.
ಅದ್ದೂರಿಯಾಗಿ ನಡೆದ ನಲ್ಲೂರಿನ ಗೋಣಹಳ್ಳಿ ಮಾರಮ್ಮ ಪ್ರತಿಷ್ಠಾಪನೆ
ಚಾಮರಾಜನಗರ: ತಾಲೂಕಿನ ನಲ್ಲೂರು ಗ್ರಾಮದಲ್ಲಿ ಅದ್ದೂರಿಯಾಗಿ ಐತಿಹಾಸಿಕ ಪ್ರಸಿದ್ಧ ಗೋಣಹಳ್ಳಿ ಮಾರಮ್ಮನ ಪ್ರತಿಷ್ಠಾಪನೆ ಹಾಗೂ ಉದ್ಘಾಟನಾ ಕಾರ್ಯಕ್ರಮ ನೆರವೇರಿತು. ಇದೇ ವೇಳೆ ಶಾಸಕ ಸಿ.ಪುಟ್ಟರಂಗಶೆಟ್ಟಿ ದೇವರಿಗೆ ವಿಶೇಷ ಪೂಜೆ ಸಲ್ಲಿಸಿದರು. ನಂತರ ವೇದಿಕೆ ಕಾರ್ಯಕ್ರಮವನ್ನು ಉದ್ಘಾಟಿಸಿ ಮಾತನಾಡಿದ ಅವರು, ದೇವಾಲಯ ನಗರ ಆವಾರವಾದ ನಂಬಿಕೆ ಇದೆ. ಗ್ರಾಮದ ಎಲ್ಲಾ ಜನಗಳು ಗೋಣಹಳ್ಳಿ ಮಾರಮ್ಮ ಆಯುಷ್ಯ ಆರೋಗ್ಯದ ಜೊತೆಗೆ ಹೆಚ್ಚಿನ ಅಭಿವೃದ್ಧಿ ಕೆಲಸ ಮಾಡಲು ಶಕ್ತಿ ನೀಡಲಿ ಎಂದರು. ಡಾ.ಬಿ.ಆರ್. ಅಂಬೇಡ್ಕರ್ ಅವರನ್ನು ಈ ಸಂದರ್ಭದಲ್ಲಿ ನೆನಪಿಸಿಕೊಳ್ಳಬೇಕು ಅವರು ನೀಡಿದ ಸಂವಿಧಾನದ ಹಕ್ಕುಗಳ ಅಡಿಯಲ್ಲಿ ನಾವು ಬದುಕುತ್ತಿದ್ದೇವೆ ಅಲ್ಲದೆ ಸಮುದಾಯ ಭವನದ ನಿರ್ಮಾಣದ ಜೊತೆಗೆ ಲೈಬ್ರರಿ ನಿರ್ಮಿಸಿ ಶಿಕ್ಷಣಕ್ಕೆ ಹೆಚ್ಚಿನ ಮಹತ್ವ ನೀಡಬೇಕು ಎಂದು ತಿಳಿಸಿದರು. ಇದೇ ವೇಳೆ ಭಕ್ತರಿಗೆ ಅನ್ನ ಸಂತರ್ಪಣೆ ವ್ಯವಸ್ಥೆ ಮಾಡಲಾಗಿತ್ತು. ಇದಕ್ಕೂ ಮುನ್ನ ಗ್ರಾಮದ ಪ್ರಮುಖ ಬೀದಿಗಳಲ್ಲಿ ಮಕ್ಕಳಿಂದ ಹಾಲರವಿ ಉತ್ಸವ ಮೆರವಣಿಗೆ ನಡೆಯಿತು. ಈ ಸಂಧರ್ಭದಲ್ಲಿ ಗ್ರಾ.ಪಂ. ಅಧ್ಯಕ್ಷೆ ನಿತ್ಯಶ್ರೀ, ಉಪಾಧ್ಯಕ್ಷ ಕೃಷ್ಣರಾಜ್, ಸದಸ್ಯರಾದ ರೇಣುಕ, ಶಿಲ್ಪ, ಭಾಗ್ಯ, ಮುತ್ತುರಾಜ್, ಶಿವಕುಮಾರ್, ರಾಜಪ್ಪ, ಮಲ್ಲೇಶ್, ನಂಜಪ್ಪ ಸೇರಿದಂತೆ ಗ್ರಾಮದ ಯಜಮಾನರು ಹಾಗೂ ಕಾಂಗ್ರೆಸ್ ಮುಖಂಡರು ಹಾಜರಿದ್ದರು.
ಫಾಸ್ಟ್ ಟ್ಯಾಗ್ ಟೋಲ್‌ನಲ್ಲಿ ದುಪ್ಪಟ್ಟು ದಂಡ
5 ಹೊಸ ನಿಯಮಗಳು ಯಾವುವು
▸ ಇಂದಿನಿಂದ ಬದಲಾಗಲಿದೆ ಫಾಸ್ಟ್ಯಾಗ್ ನಿಯಮ
▸ ಪ್ರಯಾಣಿಕರಿಗೆ ಹೊಸ ನಿಯಮ ಹೇಳೋದು ಏನು?
▸ ದುಪ್ಪಟ್ಟು ದಂಡದಿಂದ ಪಾರಾಗಲು ನೀವು ಏನು ಮಾಡಬೇಕು?
ಗಮನಿಸಿ
★ಫಾಸ್ಟ್ ಟ್ಯಾಗ್‌ನ ಬ್ಯಾಲೆನ್ಸ್ ಎಷ್ಟಿದೆ ಎಂಬುದನ್ನು ಚೆಕ್ ಮಾಡಿ ಕೊಳ್ಳುತ್ತಿರಿ.
★ಬ್ಲ್ಯಾಕ್ ಲಿಸ್ಟ್‌ಗೆ ಸೇರುವ ಮುನ್ನವೇ ಅಗತ್ಯವಾದ ಬ್ಯಾಲೆನ್ಸ್ ಇರಲಿ.
★ಆಗಾಗ ಕೆವೈಸಿ ಅಪ್ ಡೇಟ್ ಮಾಡುವುದನ್ನು ಮರೆಯಬೇಡಿ.
★ಅಪ್ ಡೇಟ್ ಮಾಡದಿದ್ದರೆ ಫಾಸ್ಟ್ಯಾಗ್ ಬ್ಲ್ಯಾಕ್‌ಲಿಸ್ಟ್‌ಗೆ ಸೇರಲಿದೆ.
★ದೀರ್ಘ ಪ್ರಯಾಣದ ವೇಳೆ ಫಾಸ್ಟ್ ಟ್ಯಾಗ್ ಹಣದ ಬಗ್ಗೆ ಜಾಗೃತಿ ಇರಲಿ.
ನವದೆಹಲಿ: ಇಂದಿನಿಂದಲೇ ನ್ಯಾಷನಲ್ ಪೇಮೆಂಟ್ ಕಾರ್ಪೋರೇಷನ್ ಆಫ್ ಇಂಡಿಯಾ ಫಾಸ್ಟ್ ಟ್ಯಾಗ್ ಬ್ಯಾಲೆನ್ಸ್ ಪಿರಿಶೀಲನೆಗೆ ಹಲವು ನಿಯಮಗಳನ್ನು ಬದಲಾಯಿಸಿದೆ. ಫಾಸ್ಟ್ ಟ್ಯಾಗ್ ಟ್ರಾನ್ಸಾಕ್ಷನ್‌ನಲ್ಲಿ ಯಾವುದೇ ರೀತಿಯ ಮೋಸ ಆಗುವುದನ್ನು ತಪ್ಪಿಸುವ ಸಲುವಾಗಿ ಈ ನಿಯಮಗಳನ್ನು ರೂಪಿಸಲಾಗಿದೆ. ಇದರಿಂದ ಟೋಲ್‌ಗಳಲ್ಲಿ ಆಗುತ್ತಿರುವ ವಾಗ್ವಾದಗಳನ್ನು ತಡೆಯಬಹುದಾಗಿದೆ. ಫಾಸ್ಟ್ ಟ್ಯಾಗ್ ಖಾತೆಯಲ್ಲಿ ಹಣ ಇಲ್ಲದೆ ಹೋದಲ್ಲಿ, ಫಾಸ್ಟ್ ಟ್ಯಾಗ್ ಖಾತೆ ಕಪ್ಪು ಪಟ್ಟಿಗೆ ಸೇರುತ್ತದೆ. ಕೆವೈಸಿ ನಿಯಮಗಳನ್ನು ಸರಿಯಾಗಿ ಪಾಲಿಸದೇ ಇದ್ದಲ್ಲಿ, ದುಪ್ಪಟ್ಟು ಹಣ ಪಾವತಿ ಮಾಡಬೇಕಾಗುತ್ತದೆ. ಅದಕ್ಕಾಗಿ
ಇಂದಿನಿಂದ ಹೊಸ ನಿಯಮ ಜಾರಿಗೆ ಬಂದಿವೆ.
ಹೊಸ ರೂಲ್ಸ್ ಏನು ..?
1.ಫಾಸ್ಟ್ ಟ್ಯಾಗ್‌ನಲ್ಲಿ ಹಣ ಇರಬೇಕು, ಇಲ್ಲದಿದ್ದರೆ ಟೋಲ್ ಪ್ರವೇಶಕ್ಕೆ ಒಂದು ಗಂಟೆ ಮೊದಲು ಹಣ ರಿಚಾರ್ಜ್ ಮಾಡಿರಬೇಕು. ಟೋಲ್ ಹತ್ತಿರ ಬಂದ್ಮೇಲೆ ರಿಚಾರ್ಜ್ ಮಾಡೋಣ ಅಂದ್ರೆ ಇನ್ಮೇಲೆ ಆಗಲ್ಲ. 2. ಟೋಲ್ ದಾಟುವ 60 ನಿಮಿಷ ಮೊದಲು ಹಾಗೂ ದಾಟಿದ 10 ನಿಮಿಷಗಳ ಕಾಲ ಫಾಸ್ಟ್ ಟ್ಯಾಗ್ ಆಕ್ಟೀವ್ ಇರಬೇಕು. 3.ಒಂದು ವೇಳೆ ಈ ನಿಯಮ ಪಾಲನೆ
ಮಾಡದಿದ್ದರೆ, ಟೋಲ್ ಸಿಸ್ಟಮ್‌ನಲ್ಲಿ ಎರರ್ ಕೋಡ್ 176 ಎಂದು ತೋರಿಸಲಾಗುತ್ತದೆ. ಈ ವೇಳೆ ಪ್ರಯಾಣಿಕರು ದುಪ್ಪಟ್ಟು ಹಣ ಪಾವತಿ ಮಾಡಬೇಕಾಗುತ್ತದೆ. 3.ಕೆವೈಸಿ ಮಾಡಿದ ಕಪ್ಪುಪಟ್ಟಿಗೆ ಸೇರಿಸಲಾಗುತ್ತದೆ. ಅಂತಹ ಟ್ಯಾಗ್ ನೊಂದಿಗೆ ಬರುವ ವಾಹನಕ್ಕೆ ದುಪ್ಪಟ್ಟು ಶುಲ್ಕ ವಿಧಿಸಲಾಗುತ್ತದೆ. 4. ಒಂದು ವೇಳೆ ವಾಹನ ಟೋಲ್ ಗೇಟ್ ದಾಟಿದ 15 ನಿಮಿಷಗಳ ನಂತರ ಫಾಸ್ಟ್ ಟ್ಯಾಗ್ ಖಾತೆಯಿಂದ ಹಣ ಕಡಿತವಾದರೆ ಅಂತಹ ವಾಹನ ಸವಾರರು ಹೆಚ್ಚಿನ ಶುಲ್ಕವನ್ನು ವಿಧಿಸಬೇಕಾಗುತ್ತದೆ. 5.ಟೋಲ್ ಗೇಟ್‌ನಲ್ಲಿ ಹಣ ಕಡಿತ ವಿಳಂಬವಾದರೆ ಅದಕ್ಕೆ ಟೋಲ್ ಆಪರೇಟರ್ ಅನ್ನೇ ಹೊಣೆಯನ್ನಾಗಿ ಮಾಡಲಾಗುತ್ತದೆ. ತಪ್ಪು ಶುಲ್ಕ ಮತ್ತು ಹೆಚ್ಚುವರಿ ಹಣ ಕಡಿತಕ್ಕೆ ಸಂಬಂಧಿಸಿ ಬಳಕೆದಾರರು 15 ದಿನಗಳ ಬಳಿಕವಷ್ಟೇ ದೂರು ಸಲ್ಲಿಸಬಹುದು.
